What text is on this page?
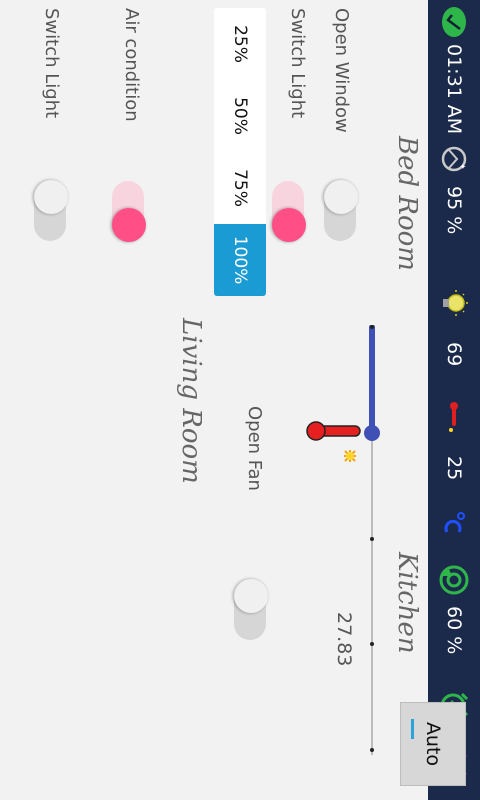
01:31 AM
✦
95 %
69
25
60 %
Bed Room
Open Window
Switch Light
25%
50%
75%
100%
Kitchen
Open Fan
27.83
Living Room
Air condition
Switch Light
Auto
